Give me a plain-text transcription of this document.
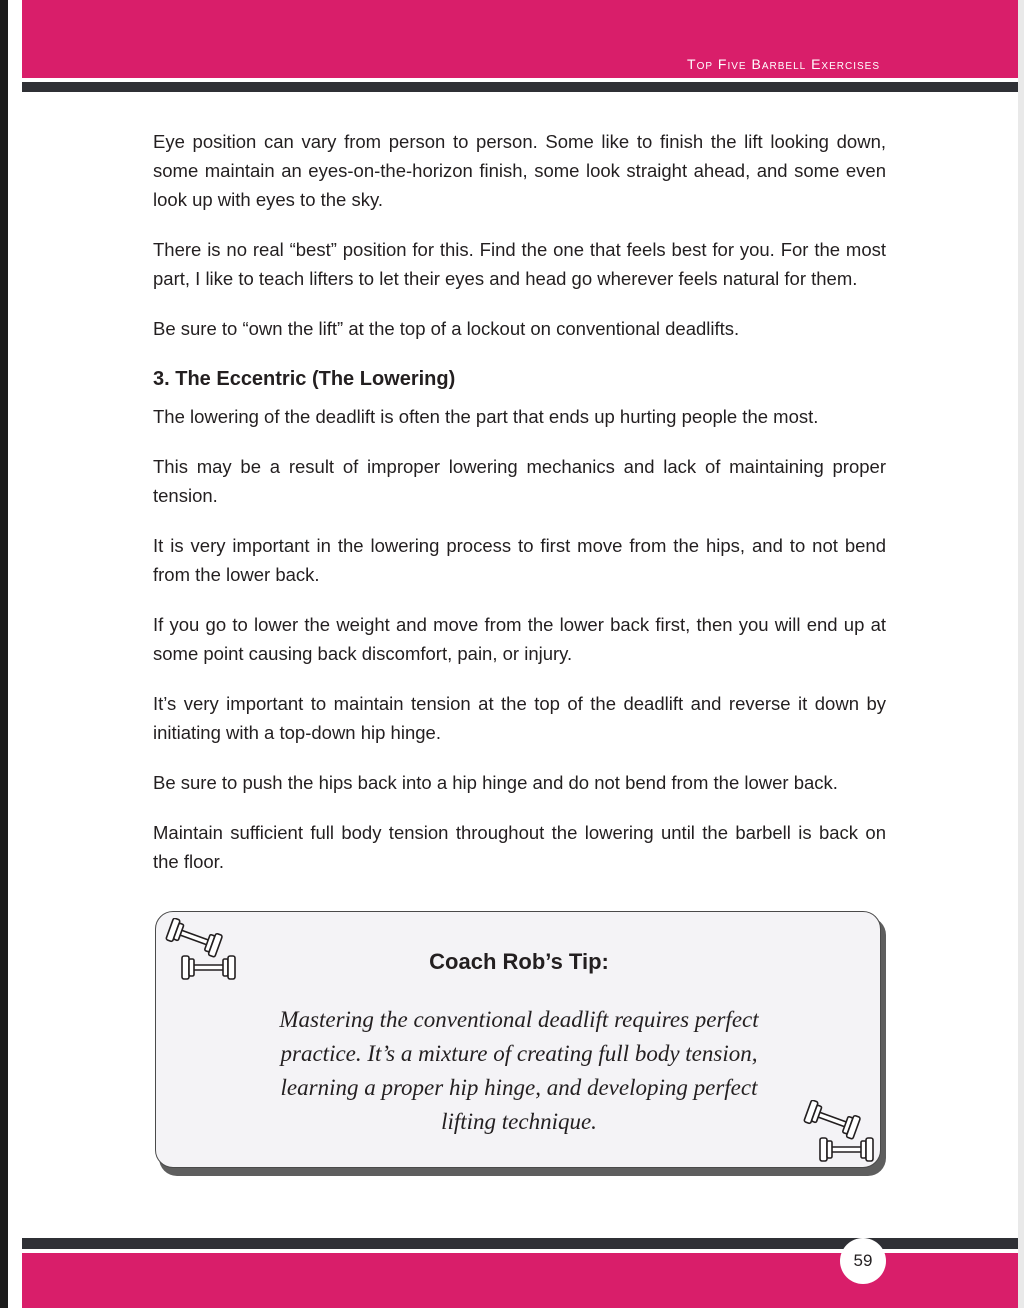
Top Five Barbell Exercises

Eye position can vary from person to person. Some like to finish the lift looking down, some maintain an eyes-on-the-horizon finish, some look straight ahead, and some even look up with eyes to the sky.

There is no real “best” position for this. Find the one that feels best for you. For the most part, I like to teach lifters to let their eyes and head go wherever feels natural for them.

Be sure to “own the lift” at the top of a lockout on conventional deadlifts.

3. The Eccentric (The Lowering)

The lowering of the deadlift is often the part that ends up hurting people the most.

This may be a result of improper lowering mechanics and lack of maintaining proper tension.

It is very important in the lowering process to first move from the hips, and to not bend from the lower back.

If you go to lower the weight and move from the lower back first, then you will end up at some point causing back discomfort, pain, or injury.

It’s very important to maintain tension at the top of the deadlift and reverse it down by initiating with a top-down hip hinge.

Be sure to push the hips back into a hip hinge and do not bend from the lower back.

Maintain sufficient full body tension throughout the lowering until the barbell is back on the floor.

Coach Rob’s Tip:
Mastering the conventional deadlift requires perfect practice. It’s a mixture of creating full body tension, learning a proper hip hinge, and developing perfect lifting technique.
59
